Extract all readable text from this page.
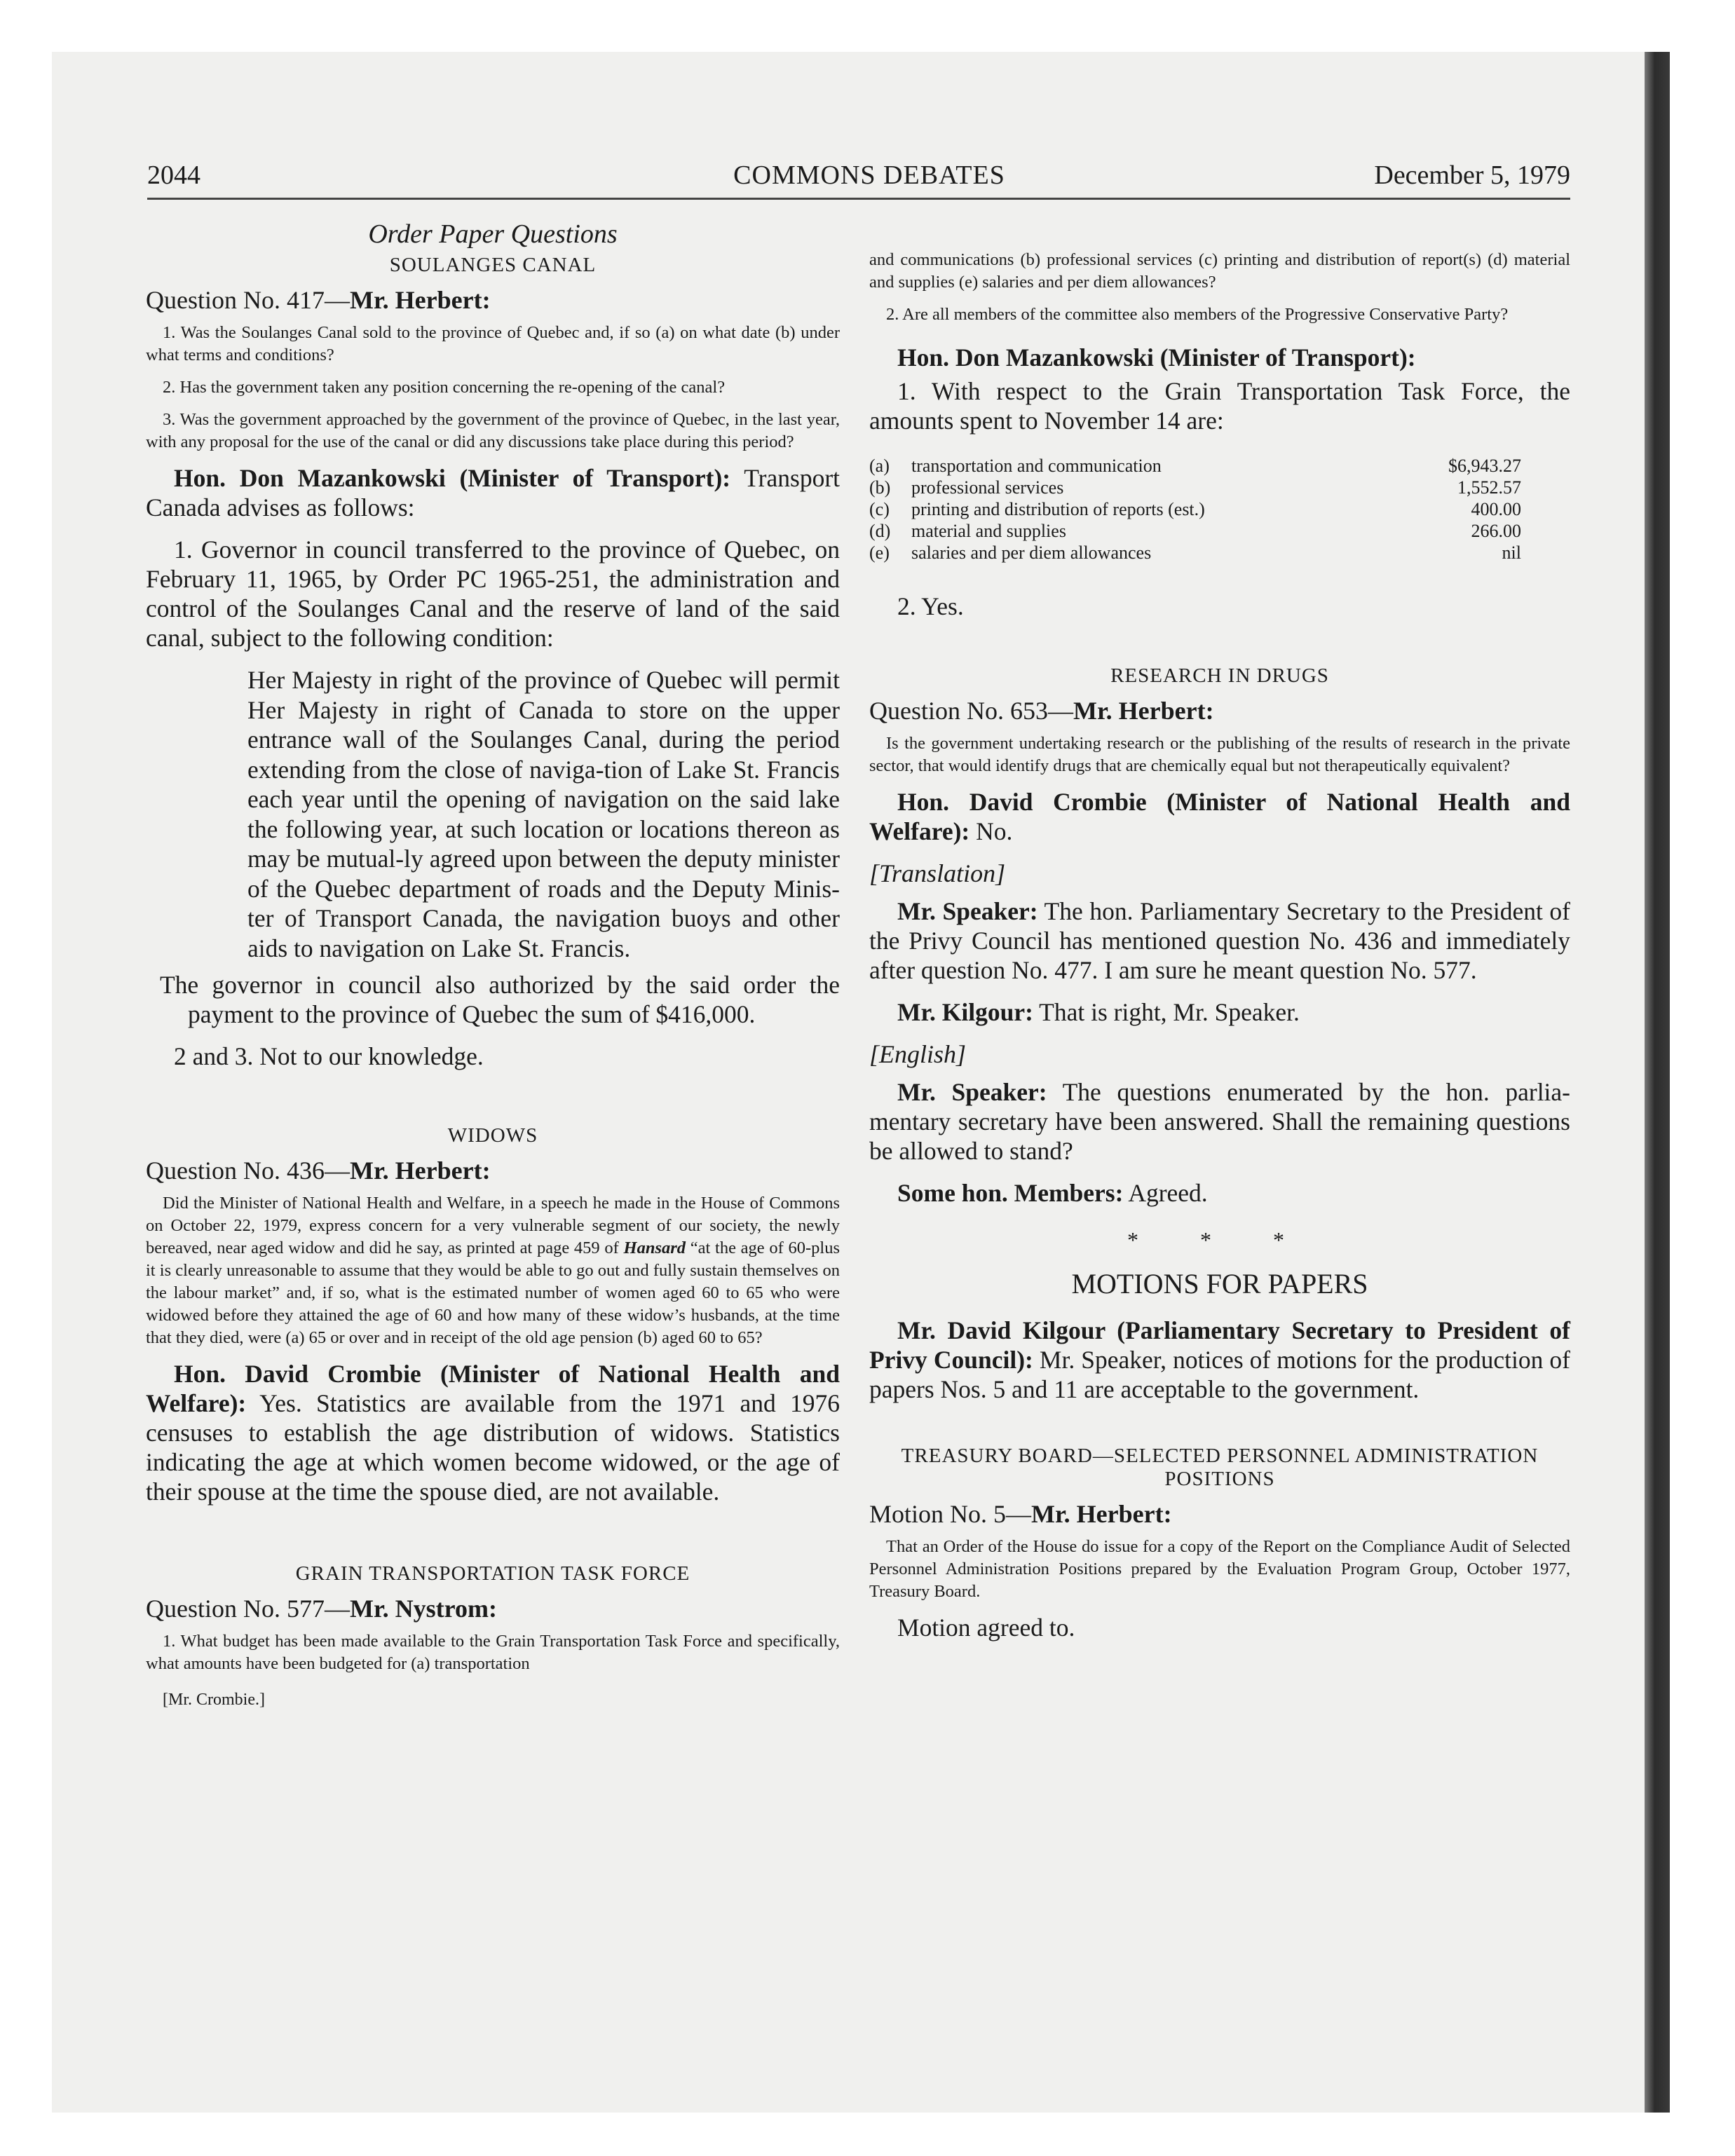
2044	COMMONS DEBATES	December 5, 1979
Order Paper Questions
SOULANGES CANAL
Question No. 417—Mr. Herbert:

1. Was the Soulanges Canal sold to the province of Quebec and, if so (a) on what date (b) under what terms and conditions?

2. Has the government taken any position concerning the re-opening of the canal?

3. Was the government approached by the government of the province of Quebec, in the last year, with any proposal for the use of the canal or did any discussions take place during this period?

Hon. Don Mazankowski (Minister of Transport): Transport Canada advises as follows:

1. Governor in council transferred to the province of Quebec, on February 11, 1965, by Order PC 1965-251, the administration and control of the Soulanges Canal and the reserve of land of the said canal, subject to the following condition:

Her Majesty in right of the province of Quebec will permit Her Majesty in right of Canada to store on the upper entrance wall of the Soulanges Canal, during the period extending from the close of naviga-tion of Lake St. Francis each year until the opening of navigation on the said lake the following year, at such location or locations thereon as may be mutual-ly agreed upon between the deputy minister of the Quebec department of roads and the Deputy Minis-ter of Transport Canada, the navigation buoys and other aids to navigation on Lake St. Francis.

The governor in council also authorized by the said order the payment to the province of Quebec the sum of $416,000.

2 and 3. Not to our knowledge.

WIDOWS
Question No. 436—Mr. Herbert:

Did the Minister of National Health and Welfare, in a speech he made in the House of Commons on October 22, 1979, express concern for a very vulnerable segment of our society, the newly bereaved, near aged widow and did he say, as printed at page 459 of Hansard “at the age of 60-plus it is clearly unreasonable to assume that they would be able to go out and fully sustain themselves on the labour market” and, if so, what is the estimated number of women aged 60 to 65 who were widowed before they attained the age of 60 and how many of these widow’s husbands, at the time that they died, were (a) 65 or over and in receipt of the old age pension (b) aged 60 to 65?

Hon. David Crombie (Minister of National Health and Welfare): Yes. Statistics are available from the 1971 and 1976 censuses to establish the age distribution of widows. Statistics indicating the age at which women become widowed, or the age of their spouse at the time the spouse died, are not available.

GRAIN TRANSPORTATION TASK FORCE
Question No. 577—Mr. Nystrom:

1. What budget has been made available to the Grain Transportation Task Force and specifically, what amounts have been budgeted for (a) transportation

[Mr. Crombie.]

and communications (b) professional services (c) printing and distribution of report(s) (d) material and supplies (e) salaries and per diem allowances?

2. Are all members of the committee also members of the Progressive Conservative Party?

Hon. Don Mazankowski (Minister of Transport):

1. With respect to the Grain Transportation Task Force, the amounts spent to November 14 are:

(a)	transportation and communication	$6,943.27
(b)	professional services	1,552.57
(c)	printing and distribution of reports (est.)	400.00
(d)	material and supplies	266.00
(e)	salaries and per diem allowances	nil

2. Yes.

RESEARCH IN DRUGS
Question No. 653—Mr. Herbert:

Is the government undertaking research or the publishing of the results of research in the private sector, that would identify drugs that are chemically equal but not therapeutically equivalent?

Hon. David Crombie (Minister of National Health and Welfare): No.

[Translation]

Mr. Speaker: The hon. Parliamentary Secretary to the President of the Privy Council has mentioned question No. 436 and immediately after question No. 477. I am sure he meant question No. 577.

Mr. Kilgour: That is right, Mr. Speaker.

[English]

Mr. Speaker: The questions enumerated by the hon. parlia-mentary secretary have been answered. Shall the remaining questions be allowed to stand?

Some hon. Members: Agreed.

* * *
MOTIONS FOR PAPERS

Mr. David Kilgour (Parliamentary Secretary to President of Privy Council): Mr. Speaker, notices of motions for the production of papers Nos. 5 and 11 are acceptable to the government.

TREASURY BOARD—SELECTED PERSONNEL ADMINISTRATION POSITIONS
Motion No. 5—Mr. Herbert:

That an Order of the House do issue for a copy of the Report on the Compliance Audit of Selected Personnel Administration Positions prepared by the Evaluation Program Group, October 1977, Treasury Board.

Motion agreed to.
